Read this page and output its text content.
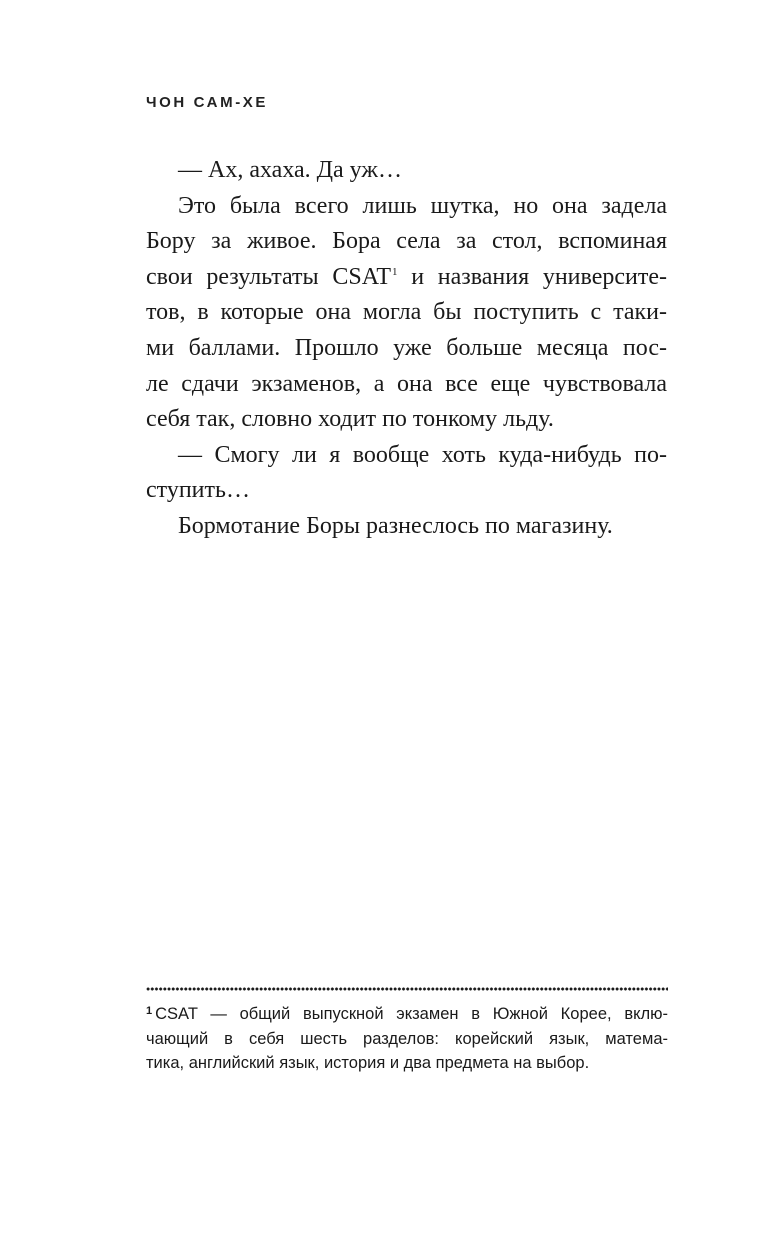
ЧОН САМ-ХЕ
— Ах, ахаха. Да уж…
Это была всего лишь шутка, но она задела
Бору за живое. Бора села за стол, вспоминая
свои результаты CSAT$^1$ и названия университе-
тов, в которые она могла бы поступить с таки-
ми баллами. Прошло уже больше месяца пос-
ле сдачи экзаменов, а она все еще чувствовала
себя так, словно ходит по тонкому льду.
— Смогу ли я вообще хоть куда-нибудь по-
ступить…
Бормотание Боры разнеслось по магазину.
$^1$ CSAT — общий выпускной экзамен в Южной Корее, вклю-
чающий в себя шесть разделов: корейский язык, матема-
тика, английский язык, история и два предмета на выбор.
